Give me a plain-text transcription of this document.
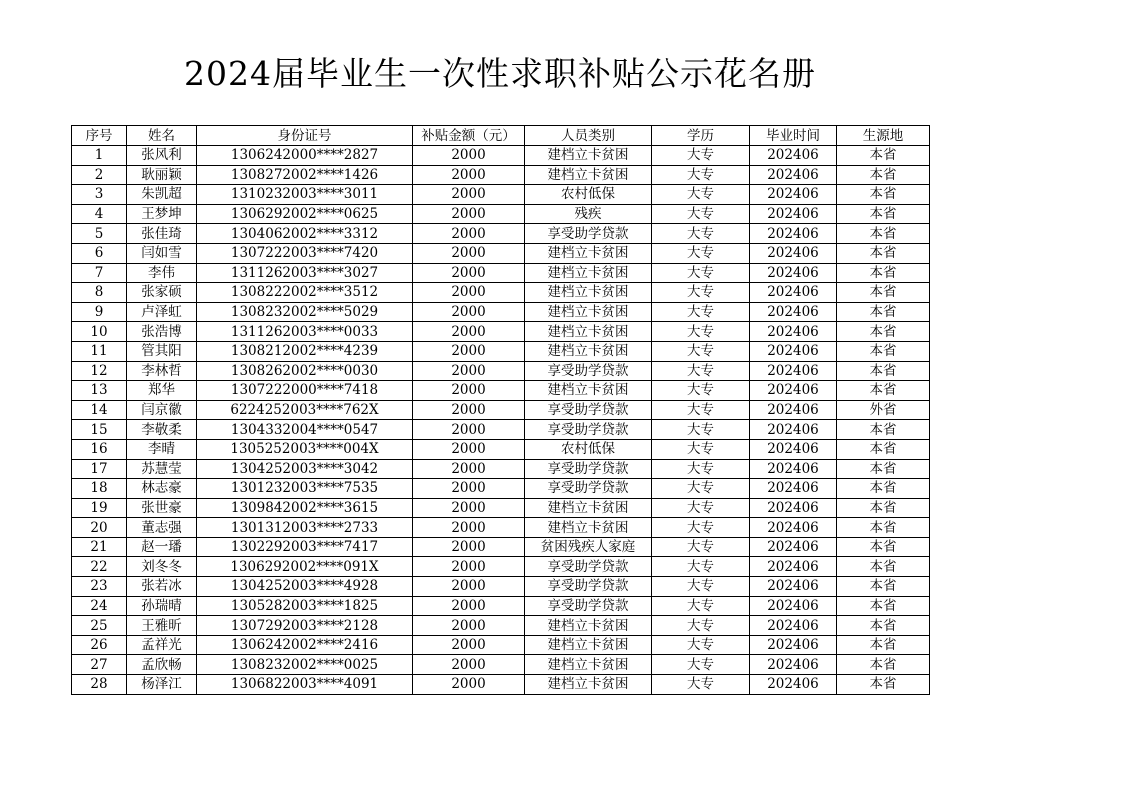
2024届毕业生一次性求职补贴公示花名册
序号	姓名	身份证号	补贴金额（元）	人员类别	学历	毕业时间	生源地
1	张风利	1306242000****2827	2000	建档立卡贫困	大专	202406	本省
2	耿丽颖	1308272002****1426	2000	建档立卡贫困	大专	202406	本省
3	朱凯超	1310232003****3011	2000	农村低保	大专	202406	本省
4	王梦坤	1306292002****0625	2000	残疾	大专	202406	本省
5	张佳琦	1304062002****3312	2000	享受助学贷款	大专	202406	本省
6	闫如雪	1307222003****7420	2000	建档立卡贫困	大专	202406	本省
7	李伟	1311262003****3027	2000	建档立卡贫困	大专	202406	本省
8	张家硕	1308222002****3512	2000	建档立卡贫困	大专	202406	本省
9	卢泽虹	1308232002****5029	2000	建档立卡贫困	大专	202406	本省
10	张浩博	1311262003****0033	2000	建档立卡贫困	大专	202406	本省
11	管其阳	1308212002****4239	2000	建档立卡贫困	大专	202406	本省
12	李林哲	1308262002****0030	2000	享受助学贷款	大专	202406	本省
13	郑华	1307222000****7418	2000	建档立卡贫困	大专	202406	本省
14	闫京徽	6224252003****762X	2000	享受助学贷款	大专	202406	外省
15	李敬柔	1304332004****0547	2000	享受助学贷款	大专	202406	本省
16	李晴	1305252003****004X	2000	农村低保	大专	202406	本省
17	苏慧莹	1304252003****3042	2000	享受助学贷款	大专	202406	本省
18	林志豪	1301232003****7535	2000	享受助学贷款	大专	202406	本省
19	张世豪	1309842002****3615	2000	建档立卡贫困	大专	202406	本省
20	董志强	1301312003****2733	2000	建档立卡贫困	大专	202406	本省
21	赵一璠	1302292003****7417	2000	贫困残疾人家庭	大专	202406	本省
22	刘冬冬	1306292002****091X	2000	享受助学贷款	大专	202406	本省
23	张若冰	1304252003****4928	2000	享受助学贷款	大专	202406	本省
24	孙瑞晴	1305282003****1825	2000	享受助学贷款	大专	202406	本省
25	王雅昕	1307292003****2128	2000	建档立卡贫困	大专	202406	本省
26	孟祥光	1306242002****2416	2000	建档立卡贫困	大专	202406	本省
27	孟欣畅	1308232002****0025	2000	建档立卡贫困	大专	202406	本省
28	杨泽江	1306822003****4091	2000	建档立卡贫困	大专	202406	本省
